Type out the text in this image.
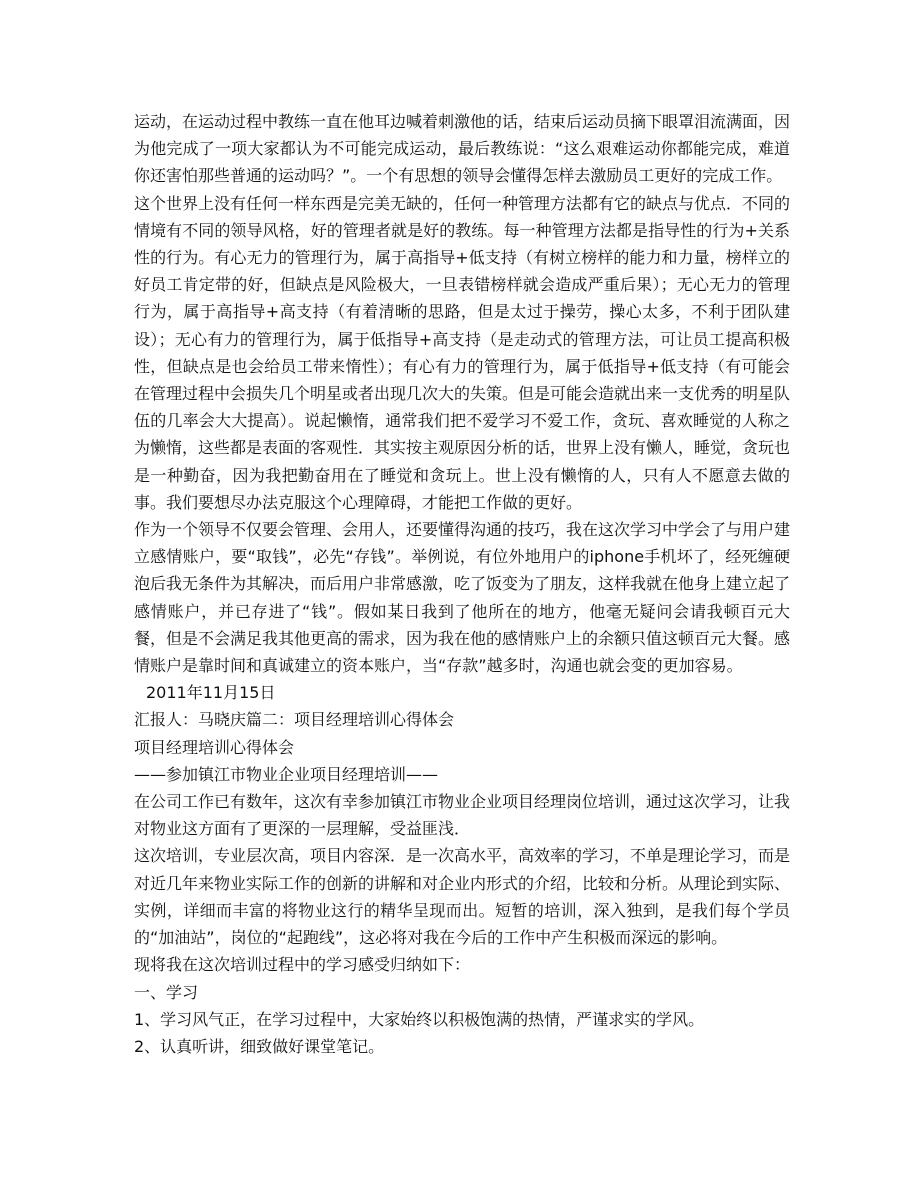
运动，在运动过程中教练一直在他耳边喊着刺激他的话，结束后运动员摘下眼罩泪流满面，因为他完成了一项大家都认为不可能完成运动，最后教练说：“这么艰难运动你都能完成，难道你还害怕那些普通的运动吗？”。一个有思想的领导会懂得怎样去激励员工更好的完成工作。

这个世界上没有任何一样东西是完美无缺的，任何一种管理方法都有它的缺点与优点．不同的情境有不同的领导风格，好的管理者就是好的教练。每一种管理方法都是指导性的行为+关系性的行为。有心无力的管理行为，属于高指导+低支持（有树立榜样的能力和力量，榜样立的好员工肯定带的好，但缺点是风险极大，一旦表错榜样就会造成严重后果）；无心无力的管理行为，属于高指导+高支持（有着清晰的思路，但是太过于操劳，操心太多，不利于团队建设）；无心有力的管理行为，属于低指导+高支持（是走动式的管理方法，可让员工提高积极性，但缺点是也会给员工带来惰性）；有心有力的管理行为，属于低指导+低支持（有可能会在管理过程中会损失几个明星或者出现几次大的失策。但是可能会造就出来一支优秀的明星队伍的几率会大大提高）。说起懒惰，通常我们把不爱学习不爱工作，贪玩、喜欢睡觉的人称之为懒惰，这些都是表面的客观性．其实按主观原因分析的话，世界上没有懒人，睡觉，贪玩也是一种勤奋，因为我把勤奋用在了睡觉和贪玩上。世上没有懒惰的人，只有人不愿意去做的事。我们要想尽办法克服这个心理障碍，才能把工作做的更好。

作为一个领导不仅要会管理、会用人，还要懂得沟通的技巧，我在这次学习中学会了与用户建立感情账户，要“取钱”，必先“存钱”。举例说，有位外地用户的iphone手机坏了，经死缠硬泡后我无条件为其解决，而后用户非常感激，吃了饭变为了朋友，这样我就在他身上建立起了感情账户，并已存进了“钱”。假如某日我到了他所在的地方，他毫无疑问会请我顿百元大餐，但是不会满足我其他更高的需求，因为我在他的感情账户上的余额只值这顿百元大餐。感情账户是靠时间和真诚建立的资本账户，当“存款”越多时，沟通也就会变的更加容易。

2011年11月15日

汇报人：马晓庆篇二：项目经理培训心得体会

项目经理培训心得体会

——参加镇江市物业企业项目经理培训——

在公司工作已有数年，这次有幸参加镇江市物业企业项目经理岗位培训，通过这次学习，让我对物业这方面有了更深的一层理解，受益匪浅．

这次培训，专业层次高，项目内容深．是一次高水平，高效率的学习，不单是理论学习，而是对近几年来物业实际工作的创新的讲解和对企业内形式的介绍，比较和分析。从理论到实际、实例，详细而丰富的将物业这行的精华呈现而出。短暂的培训，深入独到，是我们每个学员的“加油站”，岗位的“起跑线”，这必将对我在今后的工作中产生积极而深远的影响。

现将我在这次培训过程中的学习感受归纳如下：

一、学习

1、学习风气正，在学习过程中，大家始终以积极饱满的热情，严谨求实的学风。

2、认真听讲，细致做好课堂笔记。
